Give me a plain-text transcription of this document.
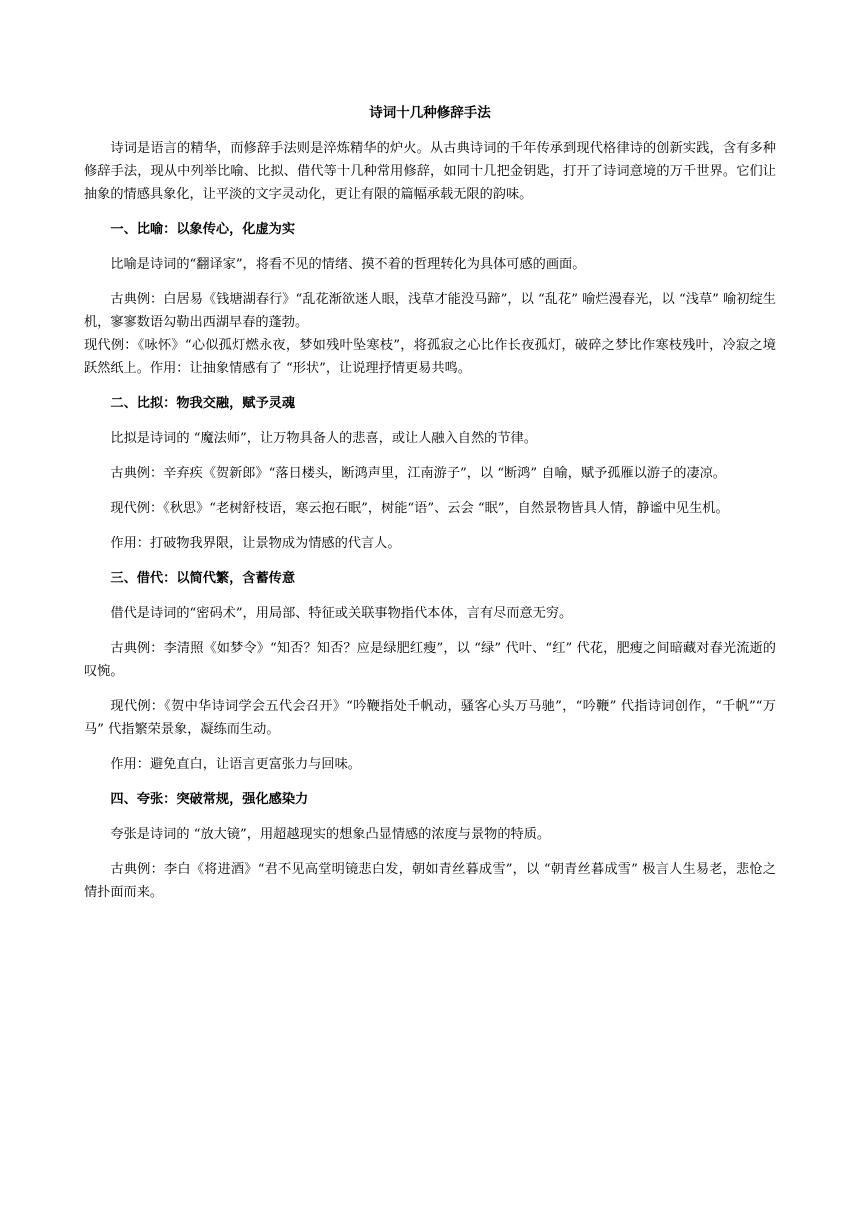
诗词十几种修辞手法

诗词是语言的精华，而修辞手法则是淬炼精华的炉火。从古典诗词的千年传承到现代格律诗的创新实践，含有多种修辞手法，现从中列举比喻、比拟、借代等十几种常用修辞，如同十几把金钥匙，打开了诗词意境的万千世界。它们让抽象的情感具象化，让平淡的文字灵动化，更让有限的篇幅承载无限的韵味。

一、比喻：以象传心，化虚为实

比喻是诗词的“翻译家”，将看不见的情绪、摸不着的哲理转化为具体可感的画面。

古典例：白居易《钱塘湖春行》“乱花渐欲迷人眼，浅草才能没马蹄”，以 “乱花” 喻烂漫春光，以 “浅草” 喻初绽生机，寥寥数语勾勒出西湖早春的蓬勃。

现代例：《咏怀》“心似孤灯燃永夜，梦如残叶坠寒枝”，将孤寂之心比作长夜孤灯，破碎之梦比作寒枝残叶，冷寂之境跃然纸上。作用：让抽象情感有了 “形状”，让说理抒情更易共鸣。

二、比拟：物我交融，赋予灵魂

比拟是诗词的 “魔法师”，让万物具备人的悲喜，或让人融入自然的节律。

古典例：辛弃疾《贺新郎》“落日楼头，断鸿声里，江南游子”，以 “断鸿” 自喻，赋予孤雁以游子的凄凉。

现代例：《秋思》“老树舒枝语，寒云抱石眠”，树能“语”、云会 “眠”，自然景物皆具人情，静谧中见生机。

作用：打破物我界限，让景物成为情感的代言人。

三、借代：以简代繁，含蓄传意

借代是诗词的“密码术”，用局部、特征或关联事物指代本体，言有尽而意无穷。

古典例：李清照《如梦令》“知否？知否？应是绿肥红瘦”，以 “绿” 代叶、“红” 代花，肥瘦之间暗藏对春光流逝的叹惋。

现代例：《贺中华诗词学会五代会召开》“吟鞭指处千帆动，骚客心头万马驰”，“吟鞭” 代指诗词创作，“千帆”“万马” 代指繁荣景象，凝练而生动。

作用：避免直白，让语言更富张力与回味。

四、夸张：突破常规，强化感染力

夸张是诗词的 “放大镜”，用超越现实的想象凸显情感的浓度与景物的特质。

古典例：李白《将进酒》“君不见高堂明镜悲白发，朝如青丝暮成雪”，以 “朝青丝暮成雪” 极言人生易老，悲怆之情扑面而来。
